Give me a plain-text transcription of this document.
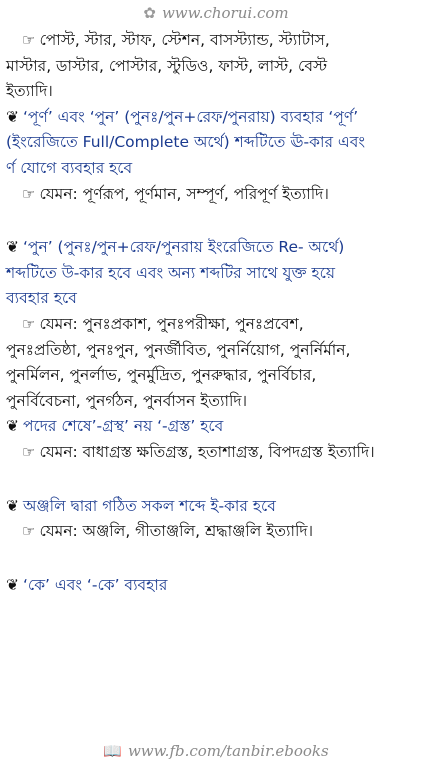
✿ www.chorui.com
☞ পোস্ট, স্টার, স্টাফ, স্টেশন, বাসস্ট্যান্ড, স্ট্যাটাস,
মাস্টার, ডাস্টার, পোস্টার, স্টুডিও, ফাস্ট, লাস্ট, বেস্ট
ইত্যাদি।
❦ ‘পূর্ণ’ এবং ‘পুন’ (পুনঃ/পুন+রেফ/পুনরায়) ব্যবহার ‘পূর্ণ’
(ইংরেজিতে Full/Complete অর্থে) শব্দটিতে ঊ-কার এবং
র্ণ যোগে ব্যবহার হবে
☞ যেমন: পূর্ণরূপ, পূর্ণমান, সম্পূর্ণ, পরিপূর্ণ ইত্যাদি।
❦ ‘পুন’ (পুনঃ/পুন+রেফ/পুনরায় ইংরেজিতে Re- অর্থে)
শব্দটিতে উ-কার হবে এবং অন্য শব্দটির সাথে যুক্ত হয়ে
ব্যবহার হবে
☞ যেমন: পুনঃপ্রকাশ, পুনঃপরীক্ষা, পুনঃপ্রবেশ,
পুনঃপ্রতিষ্ঠা, পুনঃপুন, পুনর্জীবিত, পুনর্নিয়োগ, পুনর্নির্মান,
পুনর্মিলন, পুনর্লাভ, পুনর্মুদ্রিত, পুনরুদ্ধার, পুনর্বিচার,
পুনর্বিবেচনা, পুনর্গঠন, পুনর্বাসন ইত্যাদি।
❦ পদের শেষে’-গ্রস্থ’ নয় ‘-গ্রস্ত’ হবে
☞ যেমন: বাধাগ্রস্ত ক্ষতিগ্রস্ত, হতাশাগ্রস্ত, বিপদগ্রস্ত ইত্যাদি।
❦ অঞ্জলি দ্বারা গঠিত সকল শব্দে ই-কার হবে
☞ যেমন: অঞ্জলি, গীতাঞ্জলি, শ্রদ্ধাঞ্জলি ইত্যাদি।
❦ ‘কে’ এবং ‘-কে’ ব্যবহার
📖 www.fb.com/tanbir.ebooks
